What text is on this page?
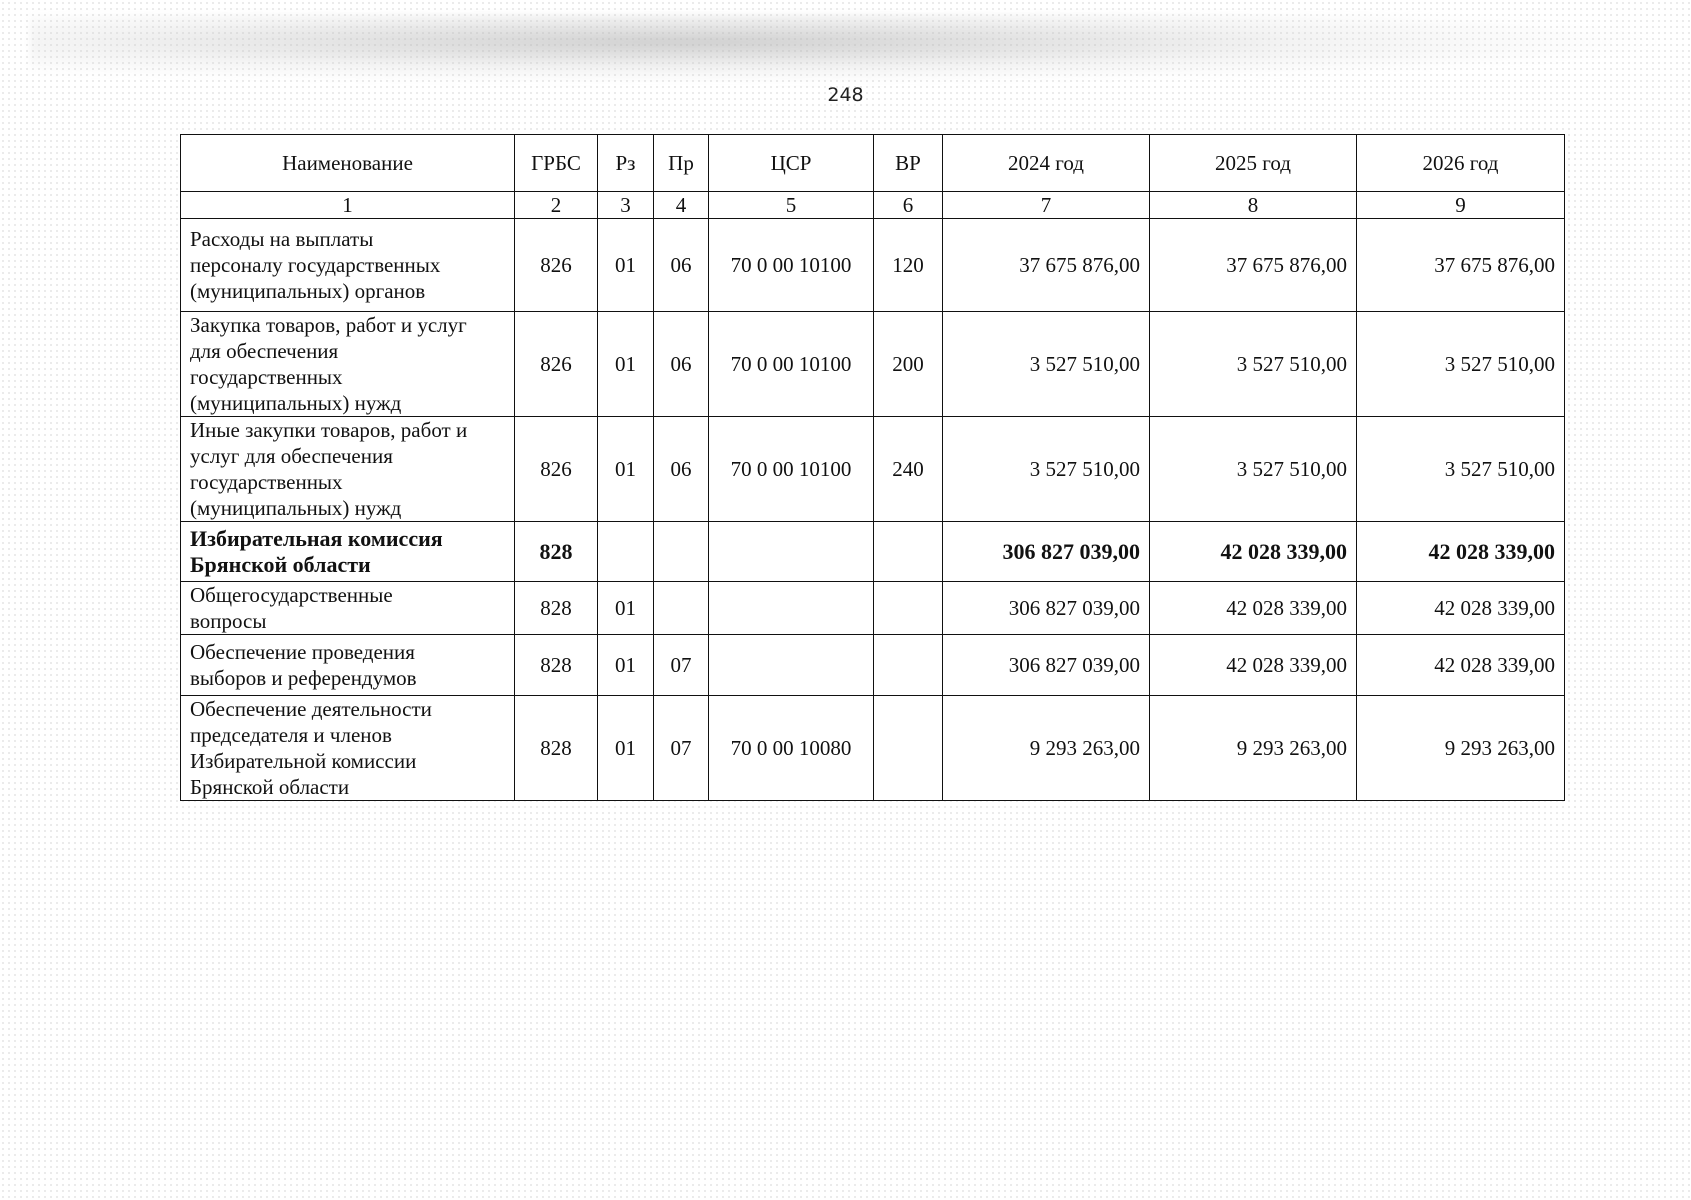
248
Наименование	ГРБС	Рз	Пр	ЦСР	ВР	2024 год	2025 год	2026 год
1	2	3	4	5	6	7	8	9

Расходы на выплаты
персоналу государственных
(муниципальных) органов	826	01	06	70 0 00 10100	120	37 675 876,00	37 675 876,00	37 675 876,00

Закупка товаров, работ и услуг
для обеспечения
государственных
(муниципальных) нужд	826	01	06	70 0 00 10100	200	3 527 510,00	3 527 510,00	3 527 510,00

Иные закупки товаров, работ и
услуг для обеспечения
государственных
(муниципальных) нужд	826	01	06	70 0 00 10100	240	3 527 510,00	3 527 510,00	3 527 510,00

Избирательная комиссия
Брянской области	828					306 827 039,00	42 028 339,00	42 028 339,00

Общегосударственные
вопросы	828	01				306 827 039,00	42 028 339,00	42 028 339,00

Обеспечение проведения
выборов и референдумов	828	01	07			306 827 039,00	42 028 339,00	42 028 339,00

Обеспечение деятельности
председателя и членов
Избирательной комиссии
Брянской области	828	01	07	70 0 00 10080		9 293 263,00	9 293 263,00	9 293 263,00
